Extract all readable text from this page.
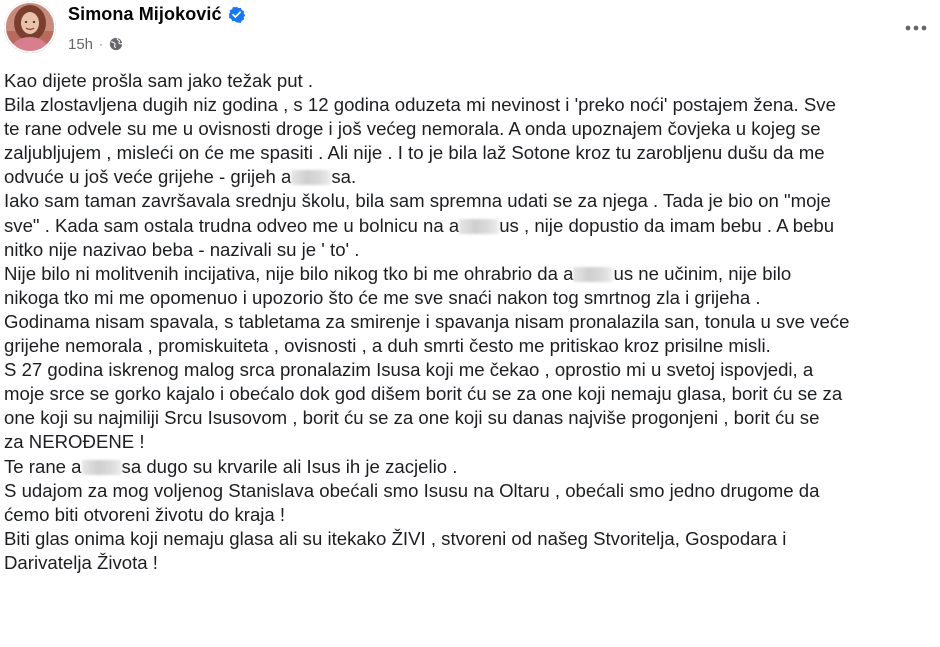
Simona Mijoković
15h ·
Kao dijete prošla sam jako težak put .
Bila zlostavljena dugih niz godina , s 12 godina oduzeta mi nevinost i 'preko noći' postajem žena. Sve
te rane odvele su me u ovisnosti droge i još većeg nemorala. A onda upoznajem čovjeka u kojeg se
zaljubljujem , misleći on će me spasiti . Ali nije . I to je bila laž Sotone kroz tu zarobljenu dušu da me
odvuće u još veće grijehe - grijeh a sa.
Iako sam taman završavala srednju školu, bila sam spremna udati se za njega . Tada je bio on "moje
sve" . Kada sam ostala trudna odveo me u bolnicu na a us , nije dopustio da imam bebu . A bebu
nitko nije nazivao beba - nazivali su je ' to' .
Nije bilo ni molitvenih incijativa, nije bilo nikog tko bi me ohrabrio da a us ne učinim, nije bilo
nikoga tko mi me opomenuo i upozorio što će me sve snaći nakon tog smrtnog zla i grijeha .
Godinama nisam spavala, s tabletama za smirenje i spavanja nisam pronalazila san, tonula u sve veće
grijehe nemorala , promiskuiteta , ovisnosti , a duh smrti često me pritiskao kroz prisilne misli.
S 27 godina iskrenog malog srca pronalazim Isusa koji me čekao , oprostio mi u svetoj ispovjedi, a
moje srce se gorko kajalo i obećalo dok god dišem borit ću se za one koji nemaju glasa, borit ću se za
one koji su najmiliji Srcu Isusovom , borit ću se za one koji su danas najviše progonjeni , borit ću se
za NEROĐENE !
Te rane a sa dugo su krvarile ali Isus ih je zacjelio .
S udajom za mog voljenog Stanislava obećali smo Isusu na Oltaru , obećali smo jedno drugome da
ćemo biti otvoreni životu do kraja !
Biti glas onima koji nemaju glasa ali su itekako ŽIVI , stvoreni od našeg Stvoritelja, Gospodara i
Darivatelja Života !
